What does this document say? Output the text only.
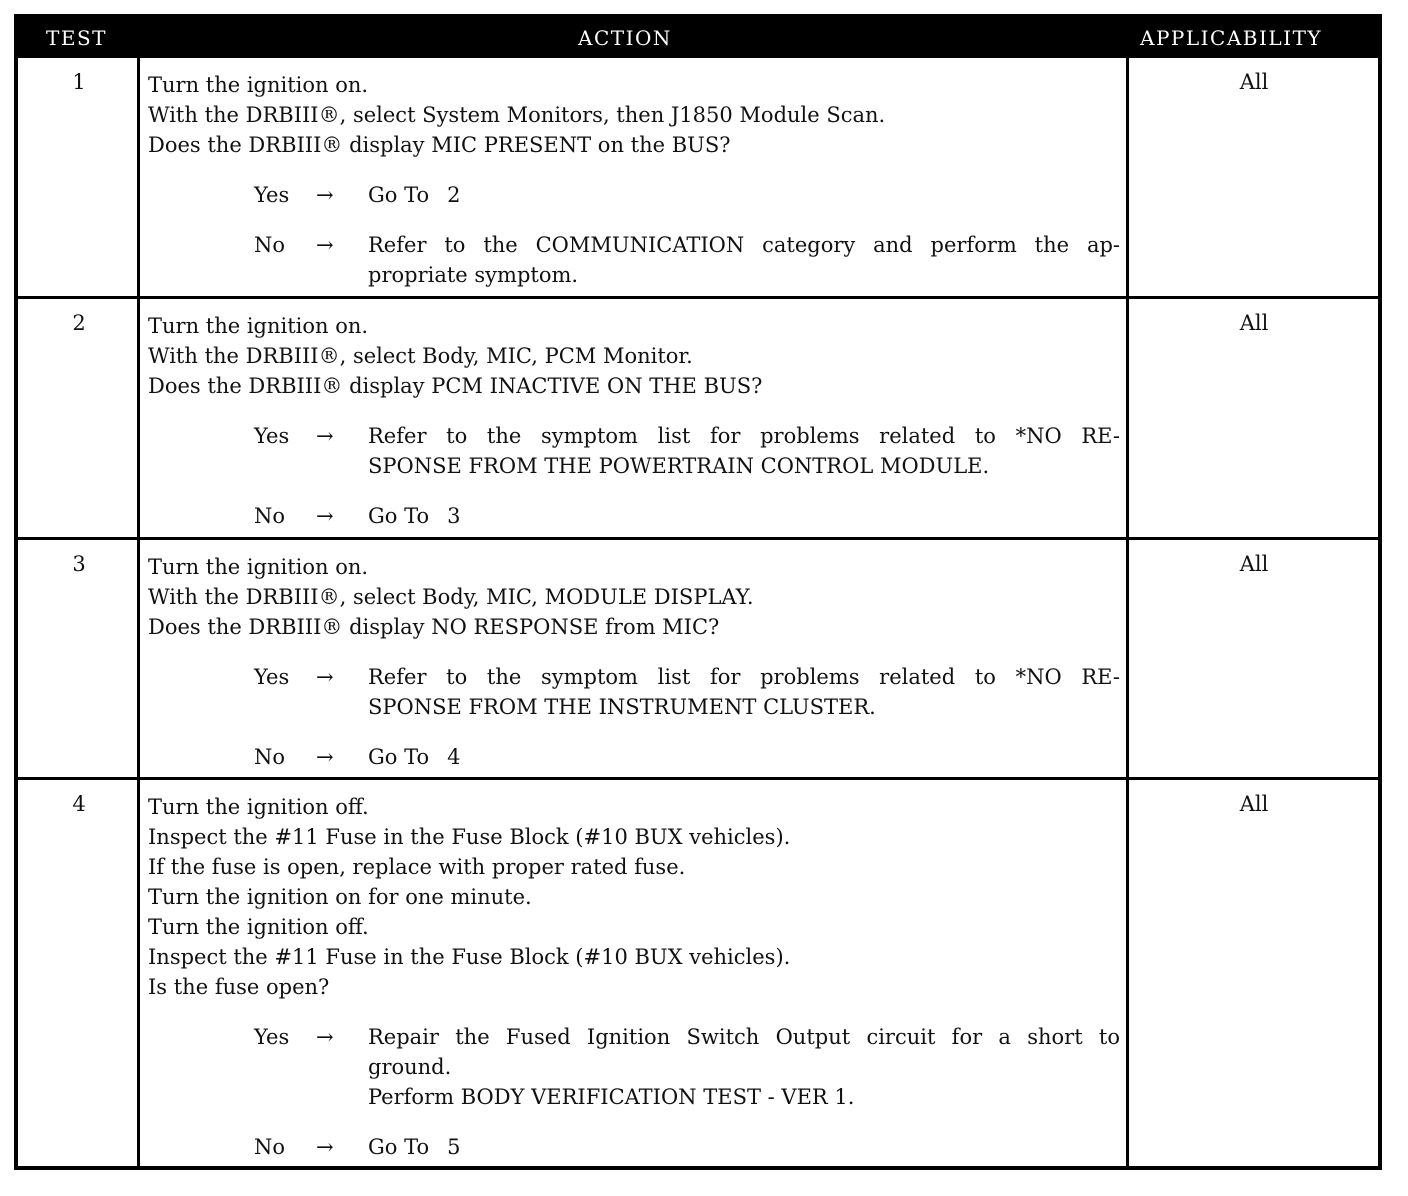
TEST	ACTION	APPLICABILITY
1	Turn the ignition on.
With the DRBIII®, select System Monitors, then J1850 Module Scan.
Does the DRBIII® display MIC PRESENT on the BUS?
Yes → Go To 2
No → Refer to the COMMUNICATION category and perform the ap-
propriate symptom.
All
2	Turn the ignition on.
With the DRBIII®, select Body, MIC, PCM Monitor.
Does the DRBIII® display PCM INACTIVE ON THE BUS?
Yes → Refer to the symptom list for problems related to *NO RE-
SPONSE FROM THE POWERTRAIN CONTROL MODULE.
No → Go To 3
All
3	Turn the ignition on.
With the DRBIII®, select Body, MIC, MODULE DISPLAY.
Does the DRBIII® display NO RESPONSE from MIC?
Yes → Refer to the symptom list for problems related to *NO RE-
SPONSE FROM THE INSTRUMENT CLUSTER.
No → Go To 4
All
4	Turn the ignition off.
Inspect the #11 Fuse in the Fuse Block (#10 BUX vehicles).
If the fuse is open, replace with proper rated fuse.
Turn the ignition on for one minute.
Turn the ignition off.
Inspect the #11 Fuse in the Fuse Block (#10 BUX vehicles).
Is the fuse open?
Yes → Repair the Fused Ignition Switch Output circuit for a short to
ground.
Perform BODY VERIFICATION TEST - VER 1.
No → Go To 5
All
